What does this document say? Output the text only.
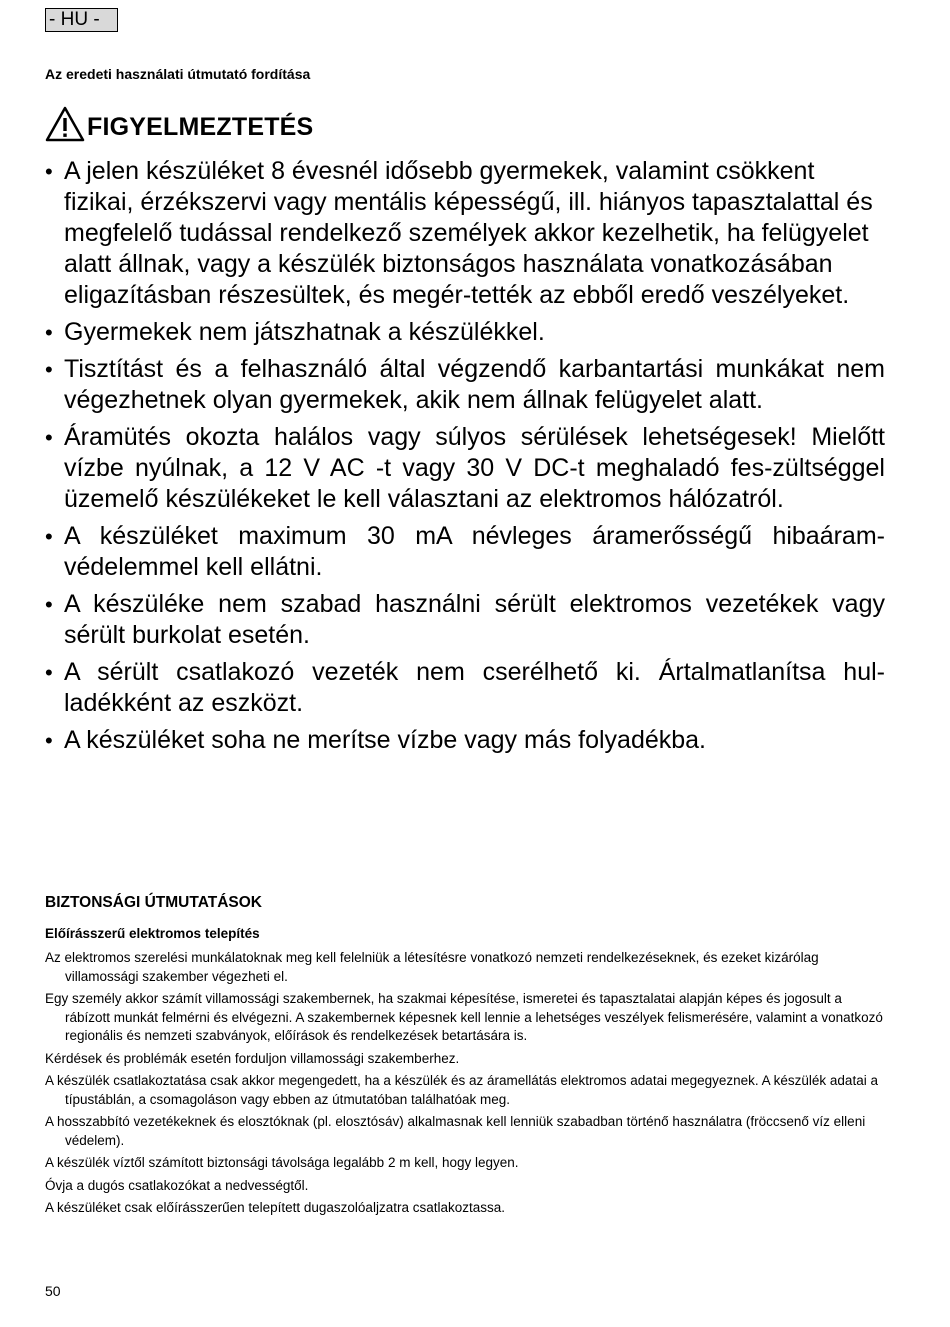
- HU -
Az eredeti használati útmutató fordítása
FIGYELMEZTETÉS
• A jelen készüléket 8 évesnél idősebb gyermekek, valamint csökkent fizikai, érzékszervi vagy mentális képességű, ill. hiányos tapasztalattal és megfelelő tudással rendelkező személyek akkor kezelhetik, ha felügyelet alatt állnak, vagy a készülék biztonságos használata vonatkozásában eligazításban részesültek, és megér-tették az ebből eredő veszélyeket.
• Gyermekek nem játszhatnak a készülékkel.
• Tisztítást és a felhasználó által végzendő karbantartási munkákat nem végezhetnek olyan gyermekek, akik nem állnak felügyelet alatt.
• Áramütés okozta halálos vagy súlyos sérülések lehetségesek! Mielőtt vízbe nyúlnak, a 12 V AC -t vagy 30 V DC-t meghaladó fes-zültséggel üzemelő készülékeket le kell választani az elektromos hálózatról.
• A készüléket maximum 30 mA névleges áramerősségű hibaáram-védelemmel kell ellátni.
• A készüléke nem szabad használni sérült elektromos vezetékek vagy sérült burkolat esetén.
• A sérült csatlakozó vezeték nem cserélhető ki. Ártalmatlanítsa hul-ladékként az eszközt.
• A készüléket soha ne merítse vízbe vagy más folyadékba.
BIZTONSÁGI ÚTMUTATÁSOK
Előírásszerű elektromos telepítés

Az elektromos szerelési munkálatoknak meg kell felelniük a létesítésre vonatkozó nemzeti rendelkezéseknek, és ezeket kizárólag villamossági szakember végezheti el.

Egy személy akkor számít villamossági szakembernek, ha szakmai képesítése, ismeretei és tapasztalatai alapján képes és jogosult a rábízott munkát felmérni és elvégezni. A szakembernek képesnek kell lennie a lehetséges veszélyek felismerésére, valamint a vonatkozó regionális és nemzeti szabványok, előírások és rendelkezések betartására is.

Kérdések és problémák esetén forduljon villamossági szakemberhez.

A készülék csatlakoztatása csak akkor megengedett, ha a készülék és az áramellátás elektromos adatai megegyeznek. A készülék adatai a típustáblán, a csomagoláson vagy ebben az útmutatóban találhatóak meg.

A hosszabbító vezetékeknek és elosztóknak (pl. elosztósáv) alkalmasnak kell lenniük szabadban történő használatra (fröccsenő víz elleni védelem).

A készülék víztől számított biztonsági távolsága legalább 2 m kell, hogy legyen.

Óvja a dugós csatlakozókat a nedvességtől.

A készüléket csak előírásszerűen telepített dugaszolóaljzatra csatlakoztassa.

50
